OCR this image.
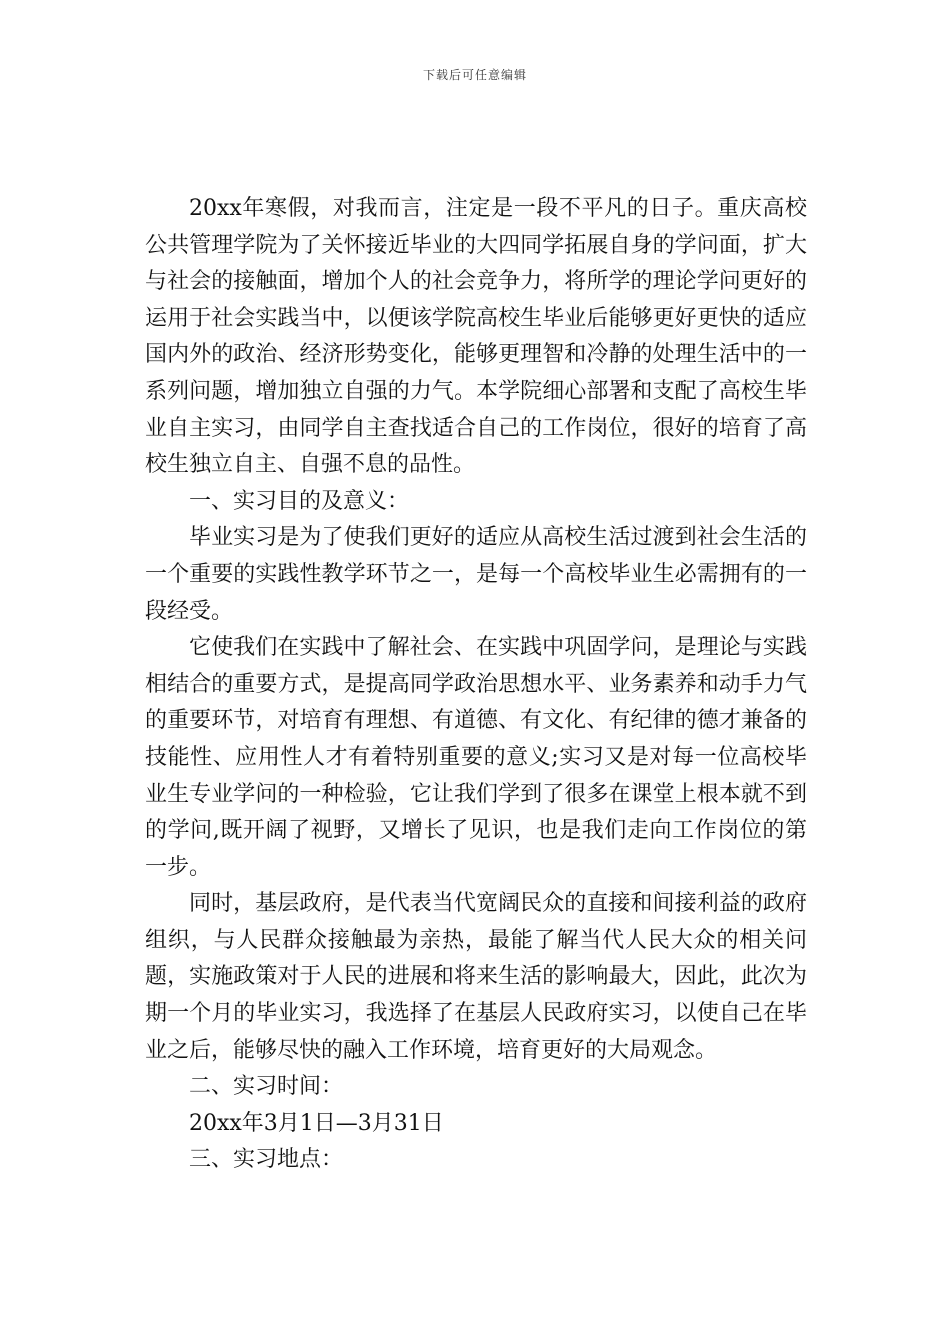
下载后可任意编辑

20xx年寒假，对我而言，注定是一段不平凡的日子。重庆高校公共管理学院为了关怀接近毕业的大四同学拓展自身的学问面，扩大与社会的接触面，增加个人的社会竞争力，将所学的理论学问更好的运用于社会实践当中，以便该学院高校生毕业后能够更好更快的适应国内外的政治、经济形势变化，能够更理智和冷静的处理生活中的一系列问题，增加独立自强的力气。本学院细心部署和支配了高校生毕业自主实习，由同学自主查找适合自己的工作岗位，很好的培育了高校生独立自主、自强不息的品性。

一、实习目的及意义：

毕业实习是为了使我们更好的适应从高校生活过渡到社会生活的一个重要的实践性教学环节之一，是每一个高校毕业生必需拥有的一段经受。

它使我们在实践中了解社会、在实践中巩固学问，是理论与实践相结合的重要方式，是提高同学政治思想水平、业务素养和动手力气的重要环节，对培育有理想、有道德、有文化、有纪律的德才兼备的技能性、应用性人才有着特别重要的意义;实习又是对每一位高校毕业生专业学问的一种检验，它让我们学到了很多在课堂上根本就不到的学问,既开阔了视野，又增长了见识，也是我们走向工作岗位的第一步。

同时，基层政府，是代表当代宽阔民众的直接和间接利益的政府组织，与人民群众接触最为亲热，最能了解当代人民大众的相关问题，实施政策对于人民的进展和将来生活的影响最大，因此，此次为期一个月的毕业实习，我选择了在基层人民政府实习，以使自己在毕业之后，能够尽快的融入工作环境，培育更好的大局观念。

二、实习时间：

20xx年3月1日—3月31日

三、实习地点：
